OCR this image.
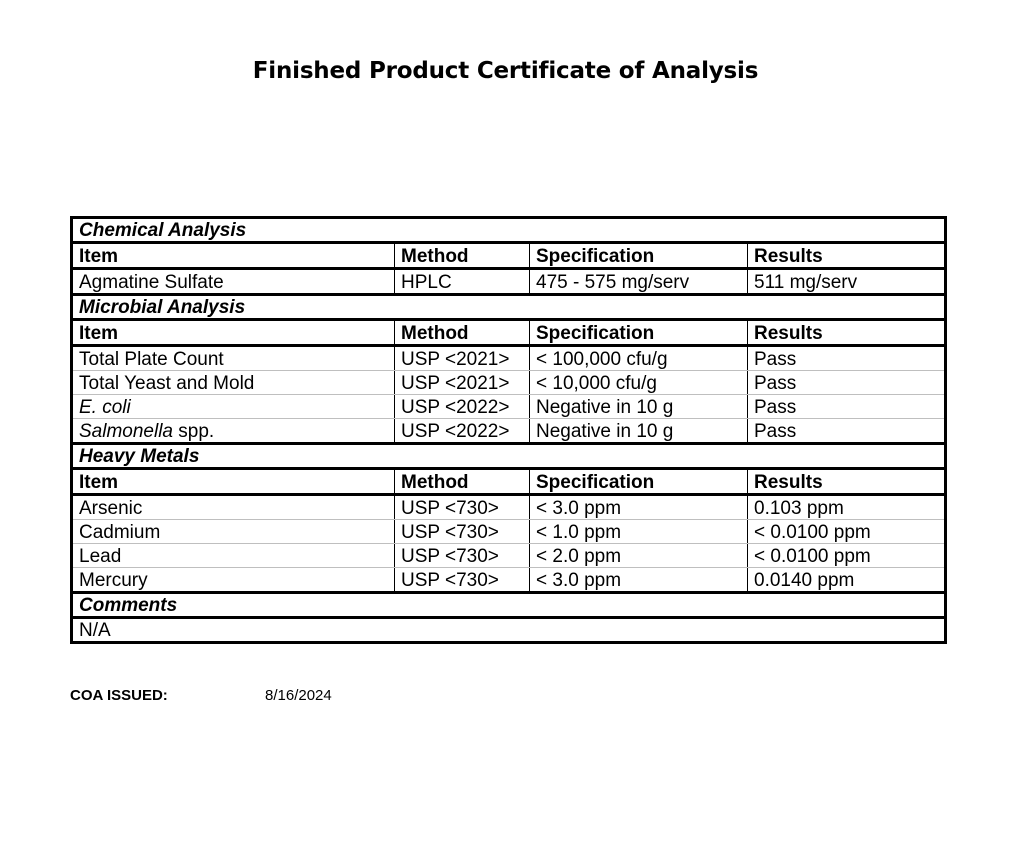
Finished Product Certificate of Analysis
Chemical Analysis			
Item	Method	Specification	Results
Agmatine Sulfate	HPLC	475 - 575 mg/serv	511 mg/serv
Microbial Analysis			
Item	Method	Specification	Results
Total Plate Count	USP <2021>	< 100,000 cfu/g	Pass
Total Yeast and Mold	USP <2021>	< 10,000 cfu/g	Pass
E. coli	USP <2022>	Negative in 10 g	Pass
Salmonella spp.	USP <2022>	Negative in 10 g	Pass
Heavy Metals			
Item	Method	Specification	Results
Arsenic	USP <730>	< 3.0 ppm	0.103 ppm
Cadmium	USP <730>	< 1.0 ppm	< 0.0100 ppm
Lead	USP <730>	< 2.0 ppm	< 0.0100 ppm
Mercury	USP <730>	< 3.0 ppm	0.0140 ppm
Comments			
N/A			
COA ISSUED:	8/16/2024
